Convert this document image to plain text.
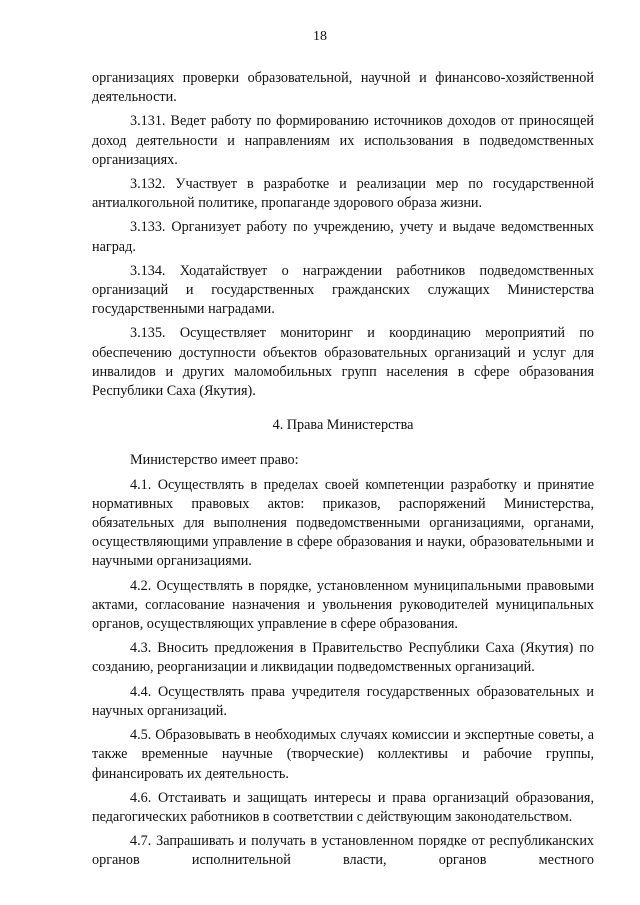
18

организациях проверки образовательной, научной и финансово-хозяйственной деятельности.

3.131. Ведет работу по формированию источников доходов от приносящей доход деятельности и направлениям их использования в подведомственных организациях.

3.132. Участвует в разработке и реализации мер по государственной антиалкогольной политике, пропаганде здорового образа жизни.

3.133. Организует работу по учреждению, учету и выдаче ведомственных наград.

3.134. Ходатайствует о награждении работников подведомственных организаций и государственных гражданских служащих Министерства государственными наградами.

3.135. Осуществляет мониторинг и координацию мероприятий по обеспечению доступности объектов образовательных организаций и услуг для инвалидов и других маломобильных групп населения в сфере образования Республики Саха (Якутия).

4. Права Министерства

Министерство имеет право:

4.1. Осуществлять в пределах своей компетенции разработку и принятие нормативных правовых актов: приказов, распоряжений Министерства, обязательных для выполнения подведомственными организациями, органами, осуществляющими управление в сфере образования и науки, образовательными и научными организациями.

4.2. Осуществлять в порядке, установленном муниципальными правовыми актами, согласование назначения и увольнения руководителей муниципальных органов, осуществляющих управление в сфере образования.

4.3. Вносить предложения в Правительство Республики Саха (Якутия) по созданию, реорганизации и ликвидации подведомственных организаций.

4.4. Осуществлять права учредителя государственных образовательных и научных организаций.

4.5. Образовывать в необходимых случаях комиссии и экспертные советы, а также временные научные (творческие) коллективы и рабочие группы, финансировать их деятельность.

4.6. Отстаивать и защищать интересы и права организаций образования, педагогических работников в соответствии с действующим законодательством.

4.7. Запрашивать и получать в установленном порядке от республиканских органов исполнительной власти, органов местного
